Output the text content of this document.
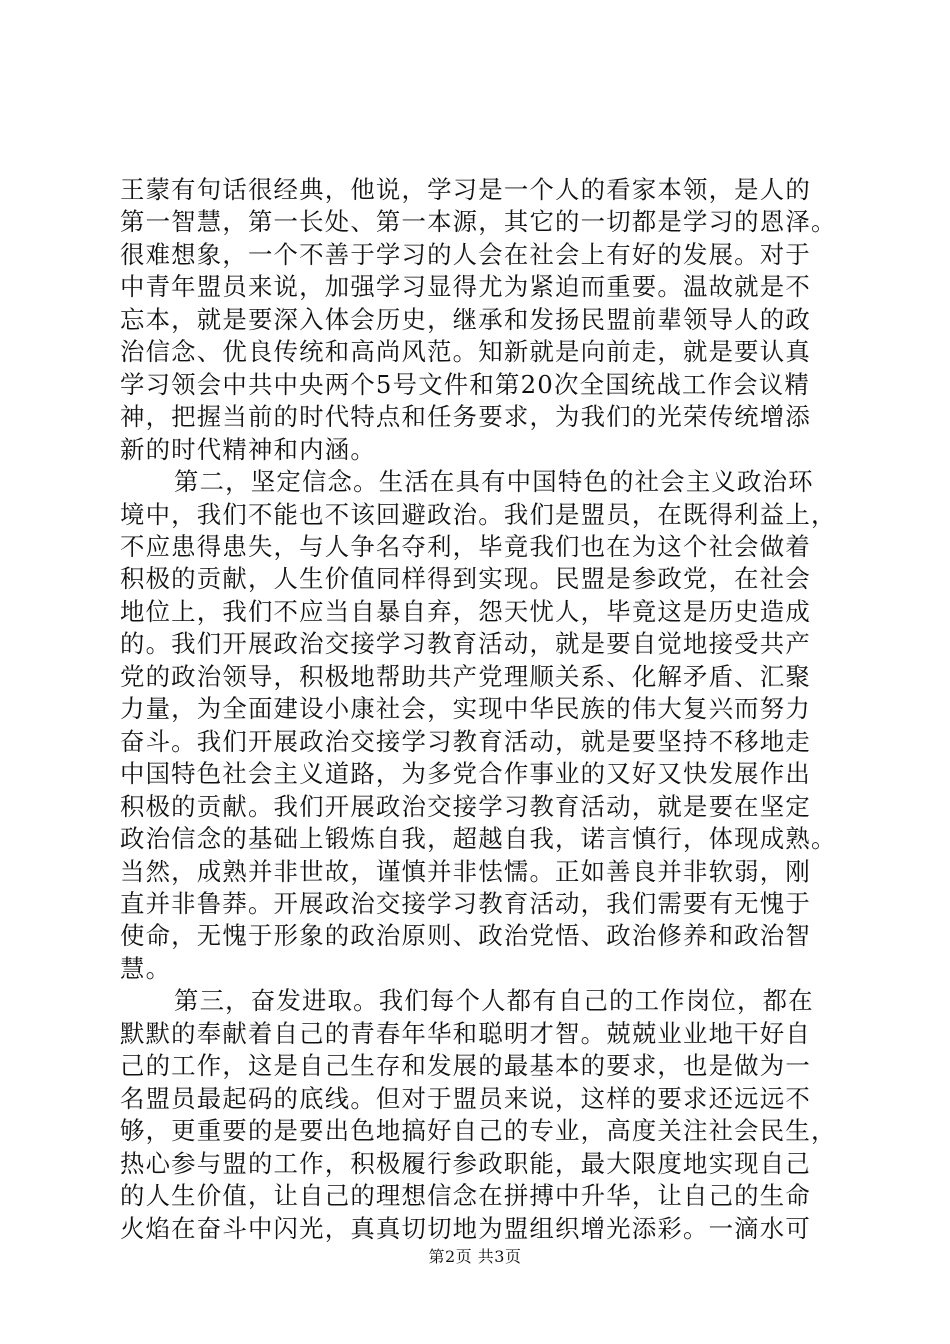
王蒙有句话很经典，他说，学习是一个人的看家本领，是人的
第一智慧，第一长处、第一本源，其它的一切都是学习的恩泽。
很难想象，一个不善于学习的人会在社会上有好的发展。对于
中青年盟员来说，加强学习显得尤为紧迫而重要。温故就是不
忘本，就是要深入体会历史，继承和发扬民盟前辈领导人的政
治信念、优良传统和高尚风范。知新就是向前走，就是要认真
学习领会中共中央两个5号文件和第20次全国统战工作会议精
神，把握当前的时代特点和任务要求，为我们的光荣传统增添
新的时代精神和内涵。
第二，坚定信念。生活在具有中国特色的社会主义政治环
境中，我们不能也不该回避政治。我们是盟员，在既得利益上，
不应患得患失，与人争名夺利，毕竟我们也在为这个社会做着
积极的贡献，人生价值同样得到实现。民盟是参政党，在社会
地位上，我们不应当自暴自弃，怨天忧人，毕竟这是历史造成
的。我们开展政治交接学习教育活动，就是要自觉地接受共产
党的政治领导，积极地帮助共产党理顺关系、化解矛盾、汇聚
力量，为全面建设小康社会，实现中华民族的伟大复兴而努力
奋斗。我们开展政治交接学习教育活动，就是要坚持不移地走
中国特色社会主义道路，为多党合作事业的又好又快发展作出
积极的贡献。我们开展政治交接学习教育活动，就是要在坚定
政治信念的基础上锻炼自我，超越自我，诺言慎行，体现成熟。
当然，成熟并非世故，谨慎并非怯懦。正如善良并非软弱，刚
直并非鲁莽。开展政治交接学习教育活动，我们需要有无愧于
使命，无愧于形象的政治原则、政治党悟、政治修养和政治智
慧。
第三，奋发进取。我们每个人都有自己的工作岗位，都在
默默的奉献着自己的青春年华和聪明才智。兢兢业业地干好自
己的工作，这是自己生存和发展的最基本的要求，也是做为一
名盟员最起码的底线。但对于盟员来说，这样的要求还远远不
够，更重要的是要出色地搞好自己的专业，高度关注社会民生，
热心参与盟的工作，积极履行参政职能，最大限度地实现自己
的人生价值，让自己的理想信念在拼搏中升华，让自己的生命
火焰在奋斗中闪光，真真切切地为盟组织增光添彩。一滴水可
第2页 共3页
